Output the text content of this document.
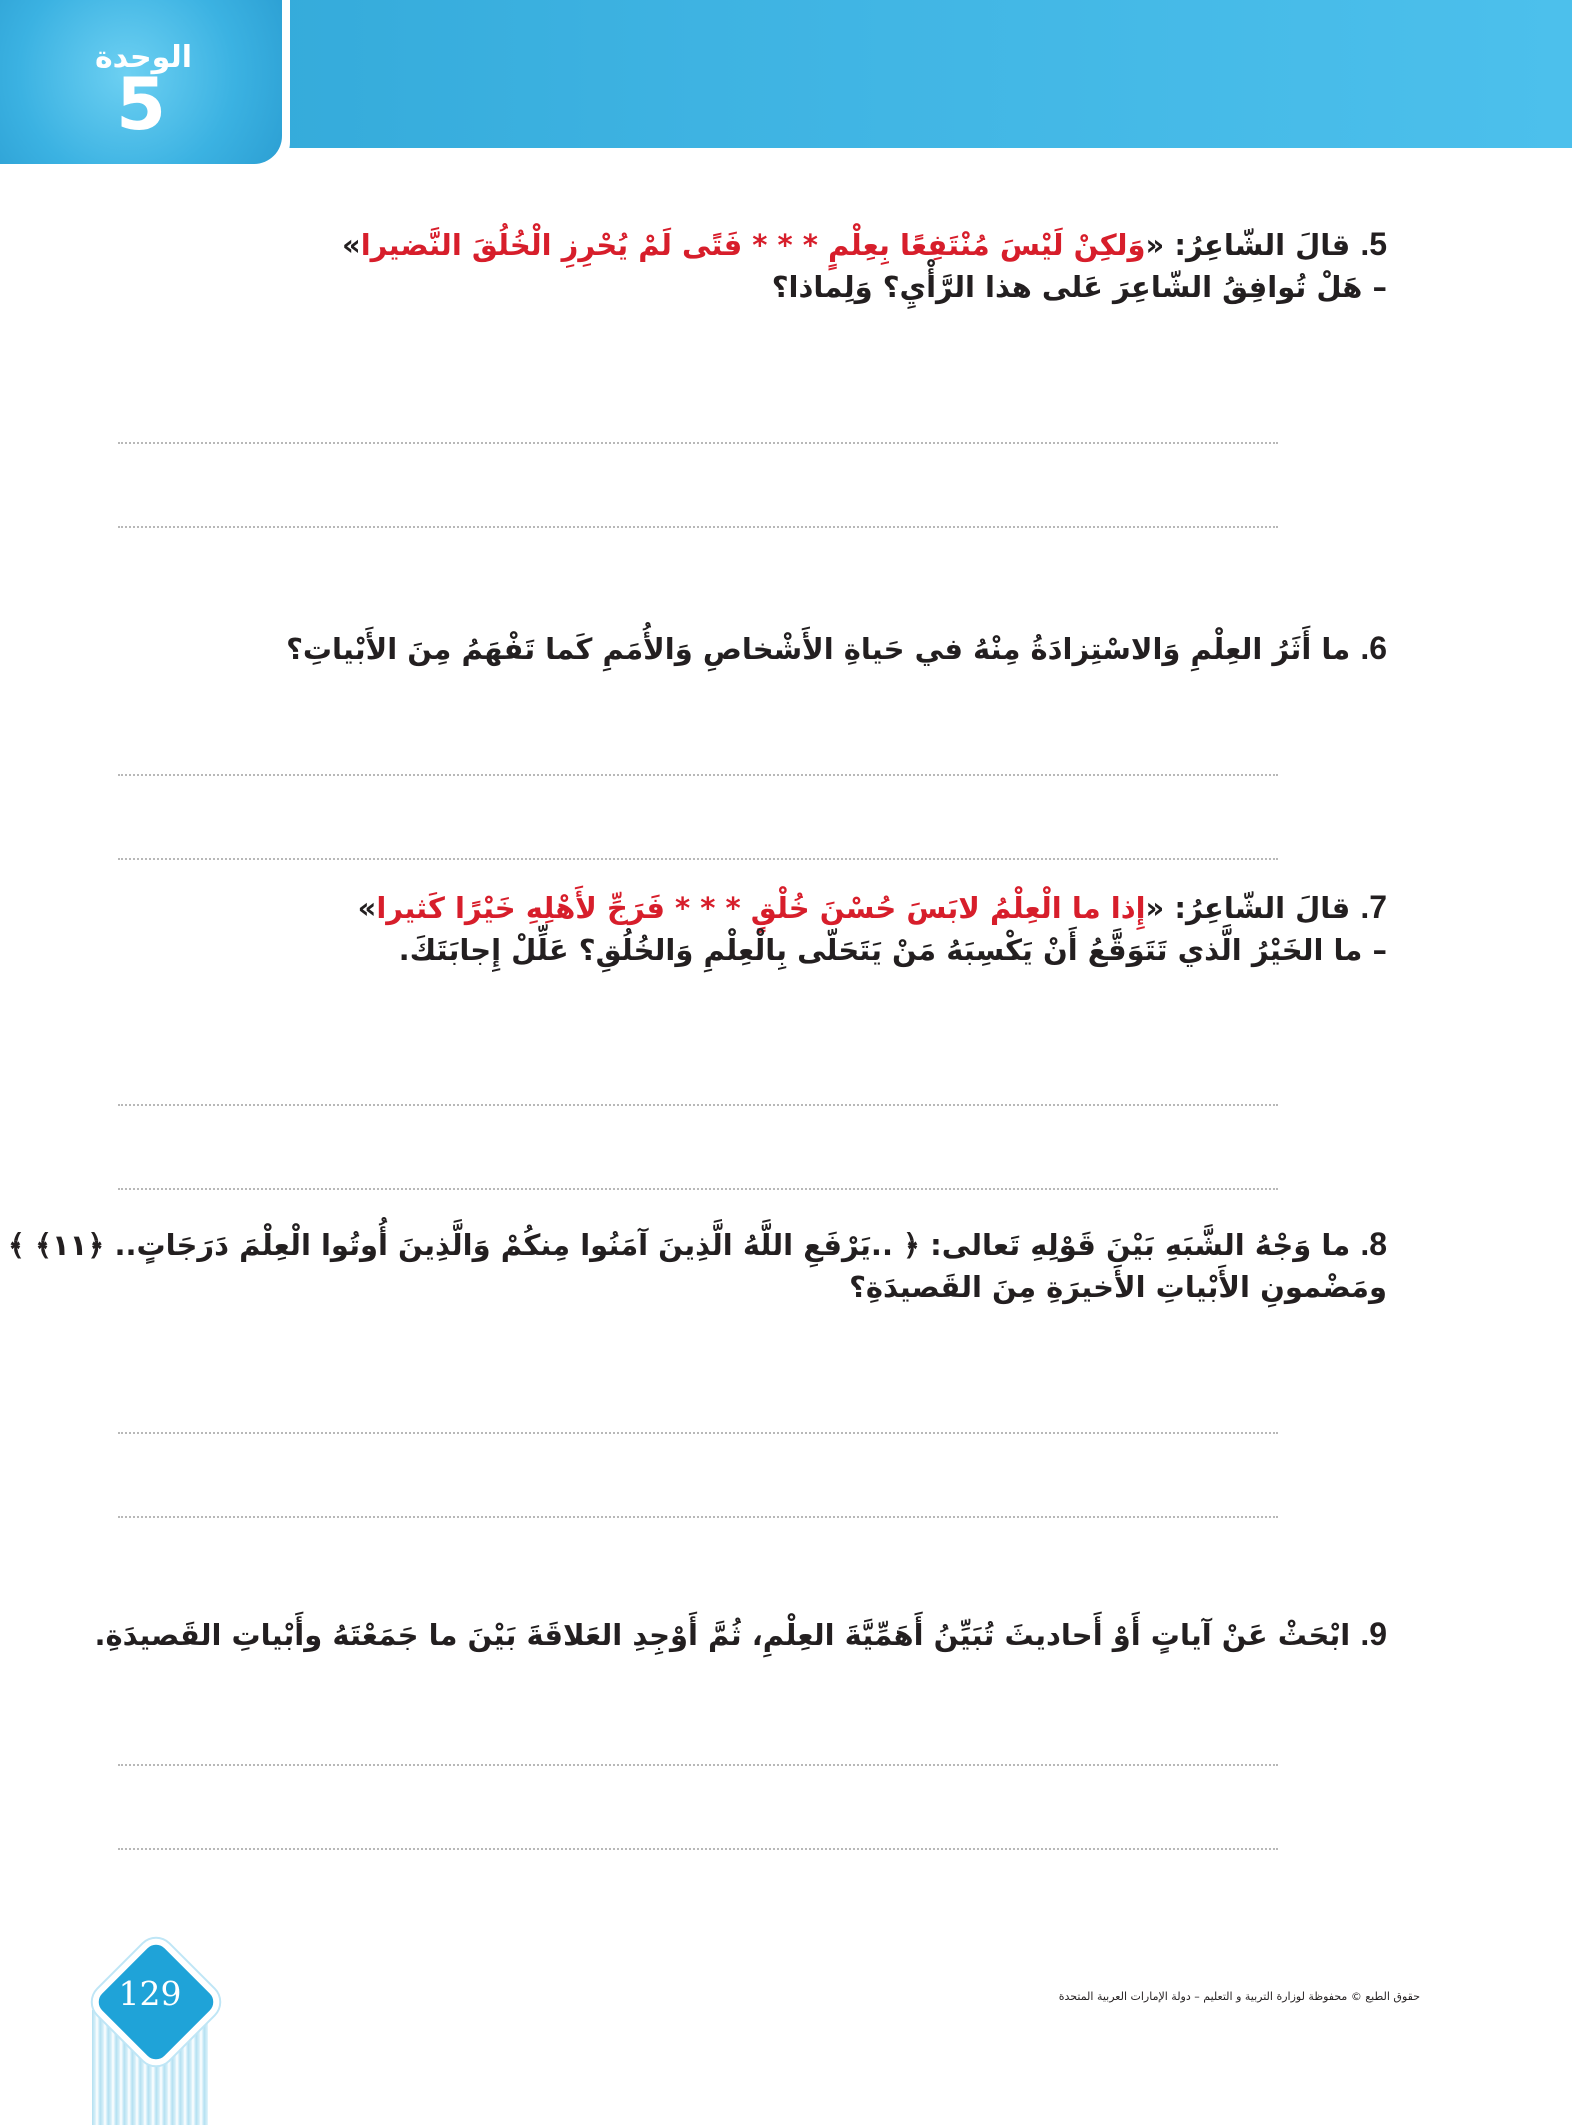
الوحدة
5
5. قالَ الشّاعِرُ: «وَلكِنْ لَيْسَ مُنْتَفِعًا بِعِلْمٍ * * * فَتًى لَمْ يُحْرِزِ الْخُلُقَ النَّضيرا»
– هَلْ تُوافِقُ الشّاعِرَ عَلى هذا الرَّأْيِ؟ وَلِماذا؟
6. ما أَثَرُ العِلْمِ وَالاسْتِزادَةُ مِنْهُ في حَياةِ الأَشْخاصِ وَالأُمَمِ كَما تَفْهَمُ مِنَ الأَبْياتِ؟
7. قالَ الشّاعِرُ: «إِذا ما الْعِلْمُ لابَسَ حُسْنَ خُلْقٍ * * * فَرَجِّ لأَهْلِهِ خَيْرًا كَثيرا»
– ما الخَيْرُ الَّذي تَتَوَقَّعُ أَنْ يَكْسِبَهُ مَنْ يَتَحَلّى بِالْعِلْمِ وَالخُلُقِ؟ عَلِّلْ إِجابَتَكَ.
8. ما وَجْهُ الشَّبَهِ بَيْنَ قَوْلِهِ تَعالى: ﴿ ..يَرْفَعِ اللَّهُ الَّذِينَ آمَنُوا مِنكُمْ وَالَّذِينَ أُوتُوا الْعِلْمَ دَرَجَاتٍ.. ﴿١١﴾ ﴾
ومَضْمونِ الأَبْياتِ الأَخيرَةِ مِنَ القَصيدَةِ؟
9. ابْحَثْ عَنْ آياتٍ أَوْ أَحاديثَ تُبَيِّنُ أَهَمِّيَّةَ العِلْمِ، ثُمَّ أَوْجِدِ العَلاقَةَ بَيْنَ ما جَمَعْتَهُ وأَبْياتِ القَصيدَةِ.
129	حقوق الطبع © محفوظة لوزارة التربية و التعليم – دولة الإمارات العربية المتحدة
